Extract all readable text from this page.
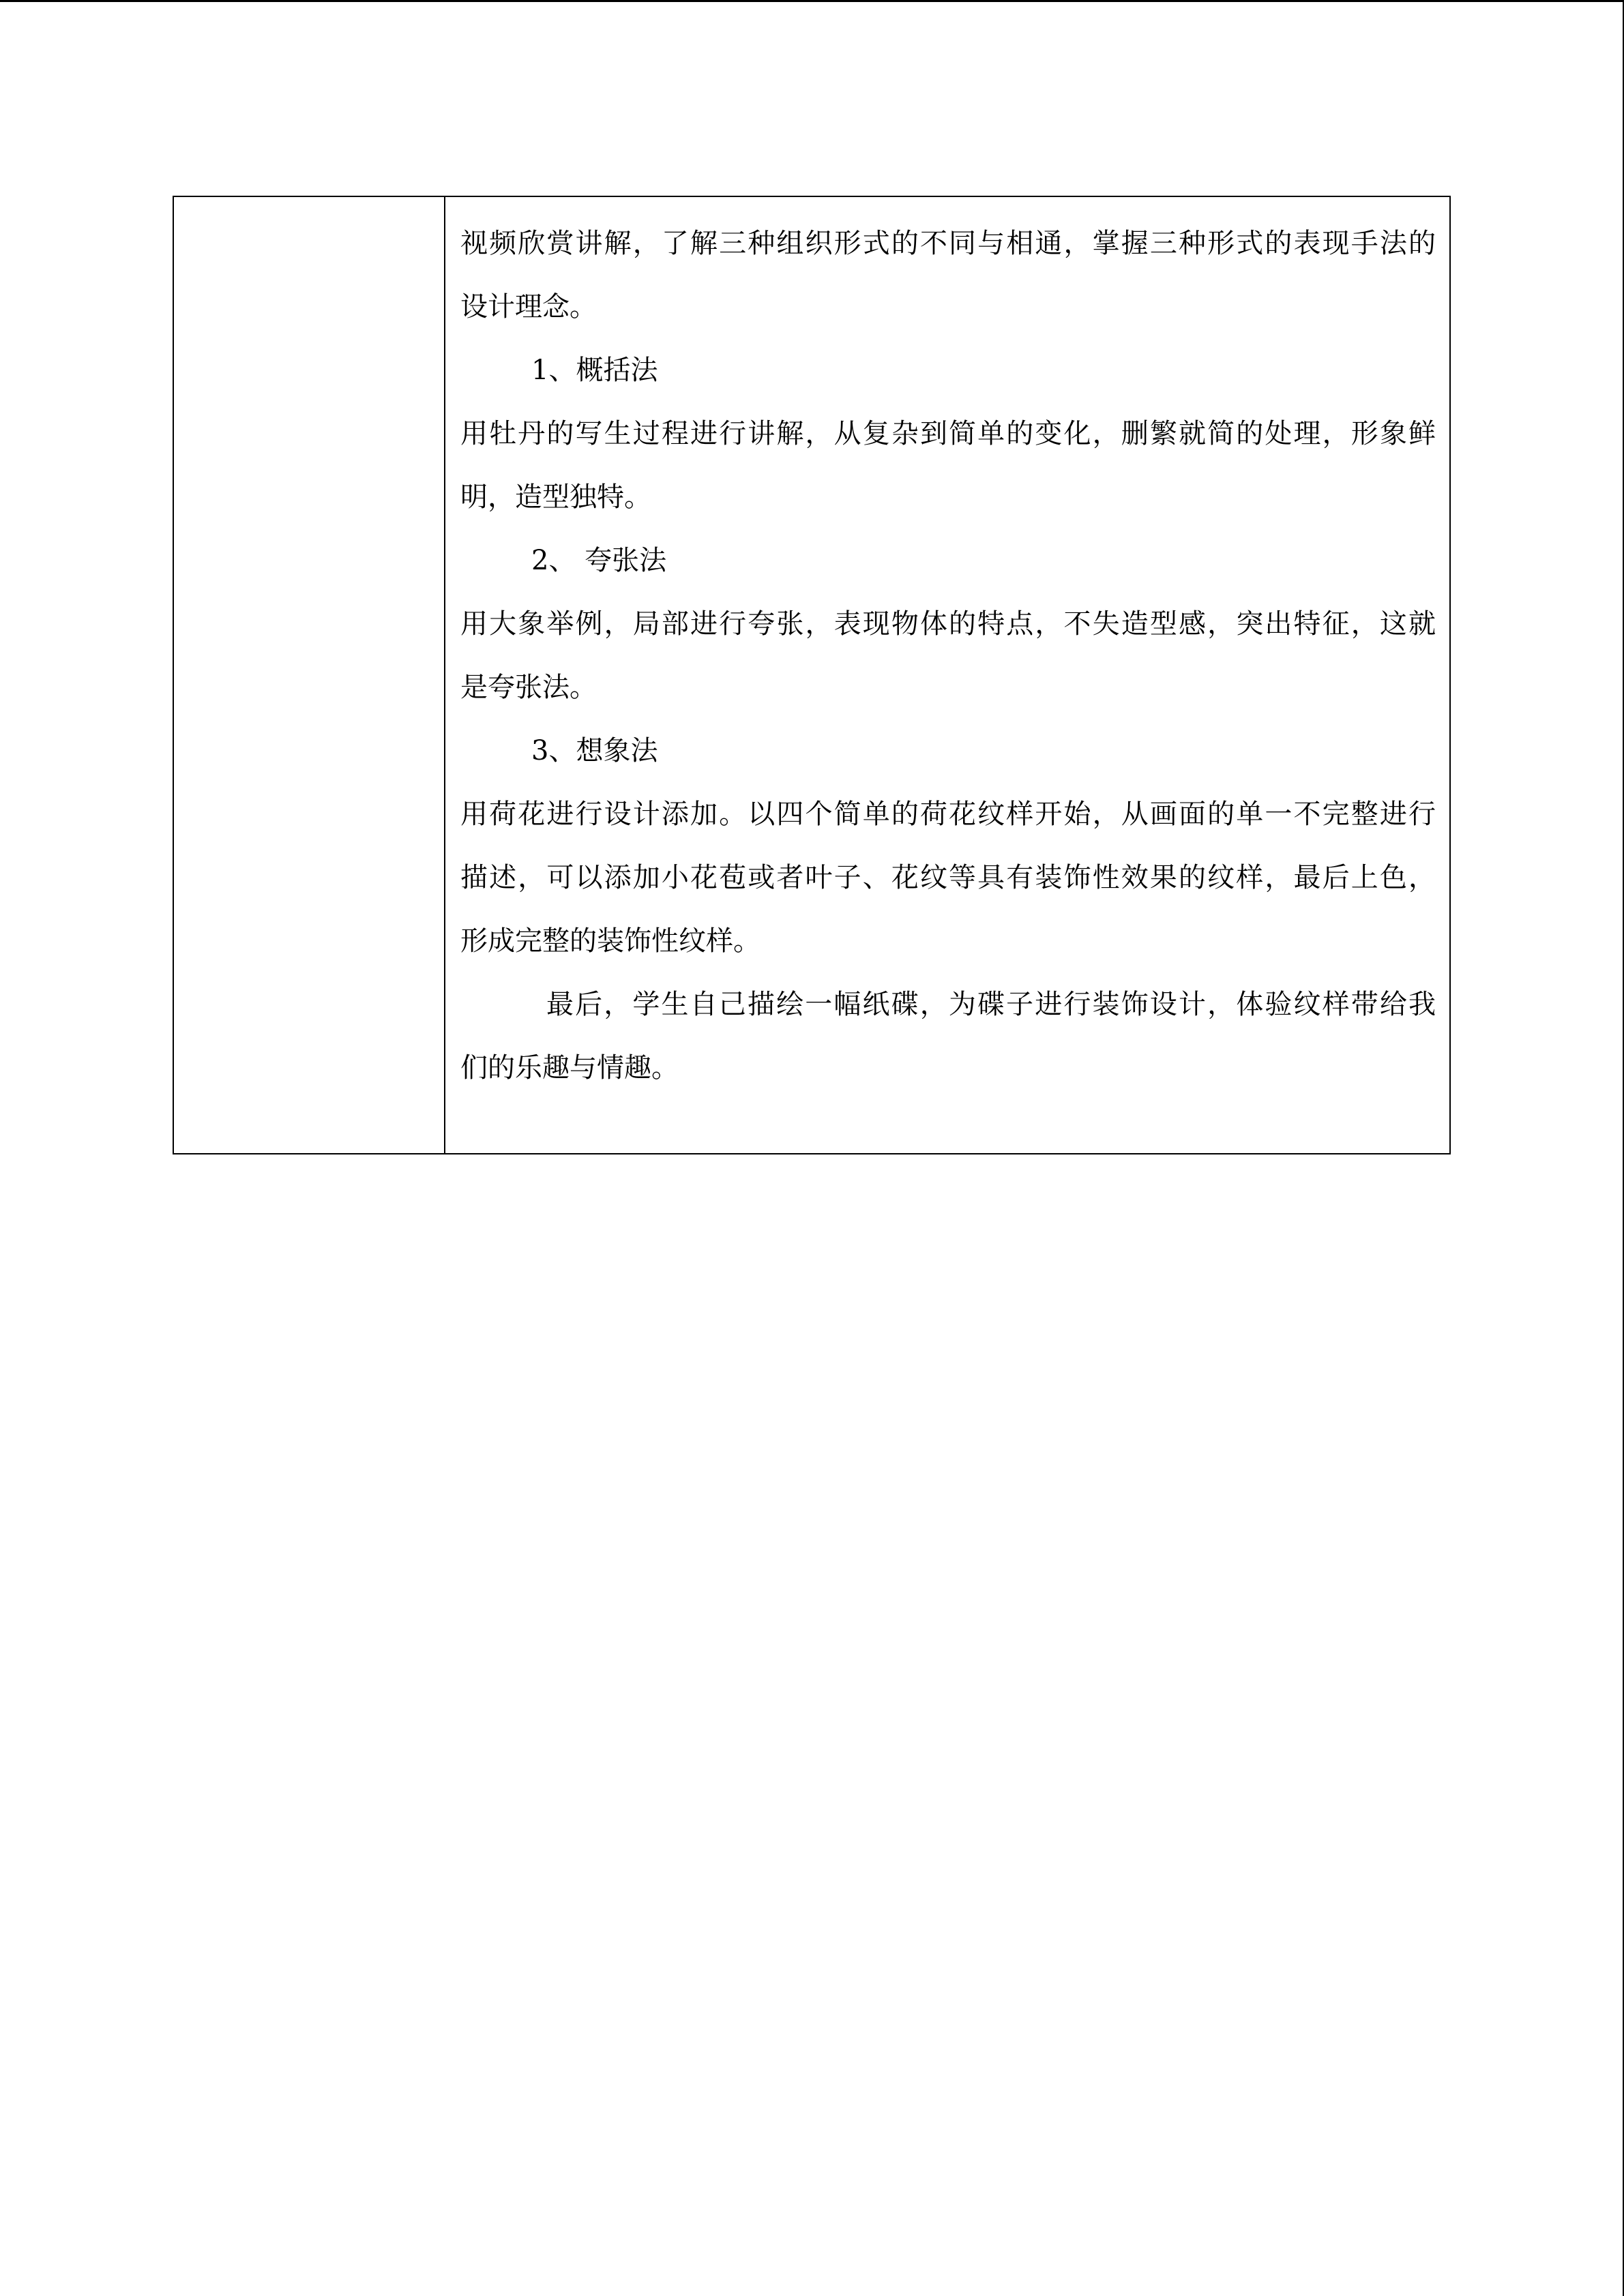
视频欣赏讲解，了解三种组织形式的不同与相通，掌握三种形式的表现手法的
设计理念。
1、概括法
用牡丹的写生过程进行讲解，从复杂到简单的变化，删繁就简的处理，形象鲜
明，造型独特。
2、 夸张法
用大象举例，局部进行夸张，表现物体的特点，不失造型感，突出特征，这就
是夸张法。
3、想象法
用荷花进行设计添加。以四个简单的荷花纹样开始，从画面的单一不完整进行
描述，可以添加小花苞或者叶子、花纹等具有装饰性效果的纹样，最后上色，
形成完整的装饰性纹样。
最后，学生自己描绘一幅纸碟，为碟子进行装饰设计，体验纹样带给我
们的乐趣与情趣。
